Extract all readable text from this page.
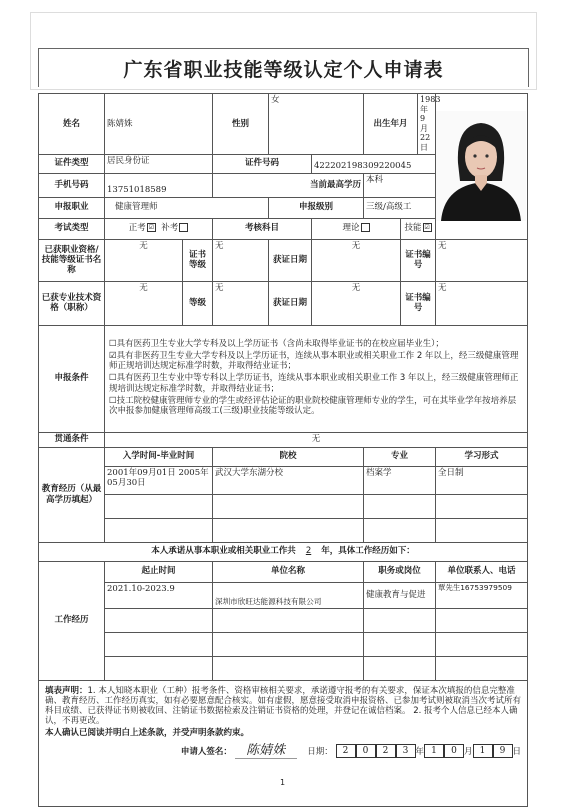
广东省职业技能等级认定个人申请表
姓名	陈婧姝		性别	女		出生年月		1983年9月22日	

证件类型	居民身份证		证件号码		422202198309220045				
手机号码	13751018589		当前最高学历			本科			
申报职业	健康管理师			申报级别		三级/高级工			
考试类型	正考 ☑ 补考		考核科目		理论		技能 ☑		
已获职业资格/技能等级证书名称	无	证书等级	无	获证日期	无		证书编号		无
已获专业技术资格（职称）	无	等级	无	获证日期	无		证书编号		无
申报条件	☐具有医药卫生专业大学专科及以上学历证书（含尚未取得毕业证书的在校应届毕业生）；

☑具有非医药卫生专业大学专科及以上学历证书，连续从事本职业或相关职业工作 2 年以上，经三级健康管理师正规培训达规定标准学时数，并取得结业证书；

☐具有医药卫生专业中等专科以上学历证书，连续从事本职业或相关职业工作 3 年以上，经三级健康管理师正规培训达规定标准学时数，并取得结业证书；

☐技工院校健康管理师专业的学生或经评估论证的职业院校健康管理师专业的学生，可在其毕业学年按培养层次申报参加健康管理师高级工(三级)职业技能等级认定。								

贯通条件	无								
教育经历（从最高学历填起）	入学时间-毕业时间		院校			专业			学习形式
	2001年09月01日 2005年05月30日		武汉大学东湖分校			档案学			全日制

本人承诺从事本职业或相关职业工作共 2 年，具体工作经历如下：									
工作经历	起止时间		单位名称			职务或岗位			单位联系人、电话
	2021.10-2023.9		深圳市欣旺达能源科技有限公司			健康教育与促进			覃先生16753979509

填表声明：1. 本人知晓本职业（工种）报考条件、资格审核相关要求，承诺遵守报考的有关要求，保证本次填报的信息完整准确、教育经历、工作经历真实，如有必要愿意配合核实。如有虚假，愿意接受取消申报资格、已参加考试则被取消当次考试所有科目成绩、已获得证书则被收回、注销证书数据检索及注销证书资格的处理，并登记在诚信档案。 2. 报考个人信息已经本人确认，不再更改。
本人确认已阅读并明白上述条款，并受声明条款约束。
申请人签名： 陈婧姝 日期： 2 0 2 3 年 1 0 月 1 9 日									
1
